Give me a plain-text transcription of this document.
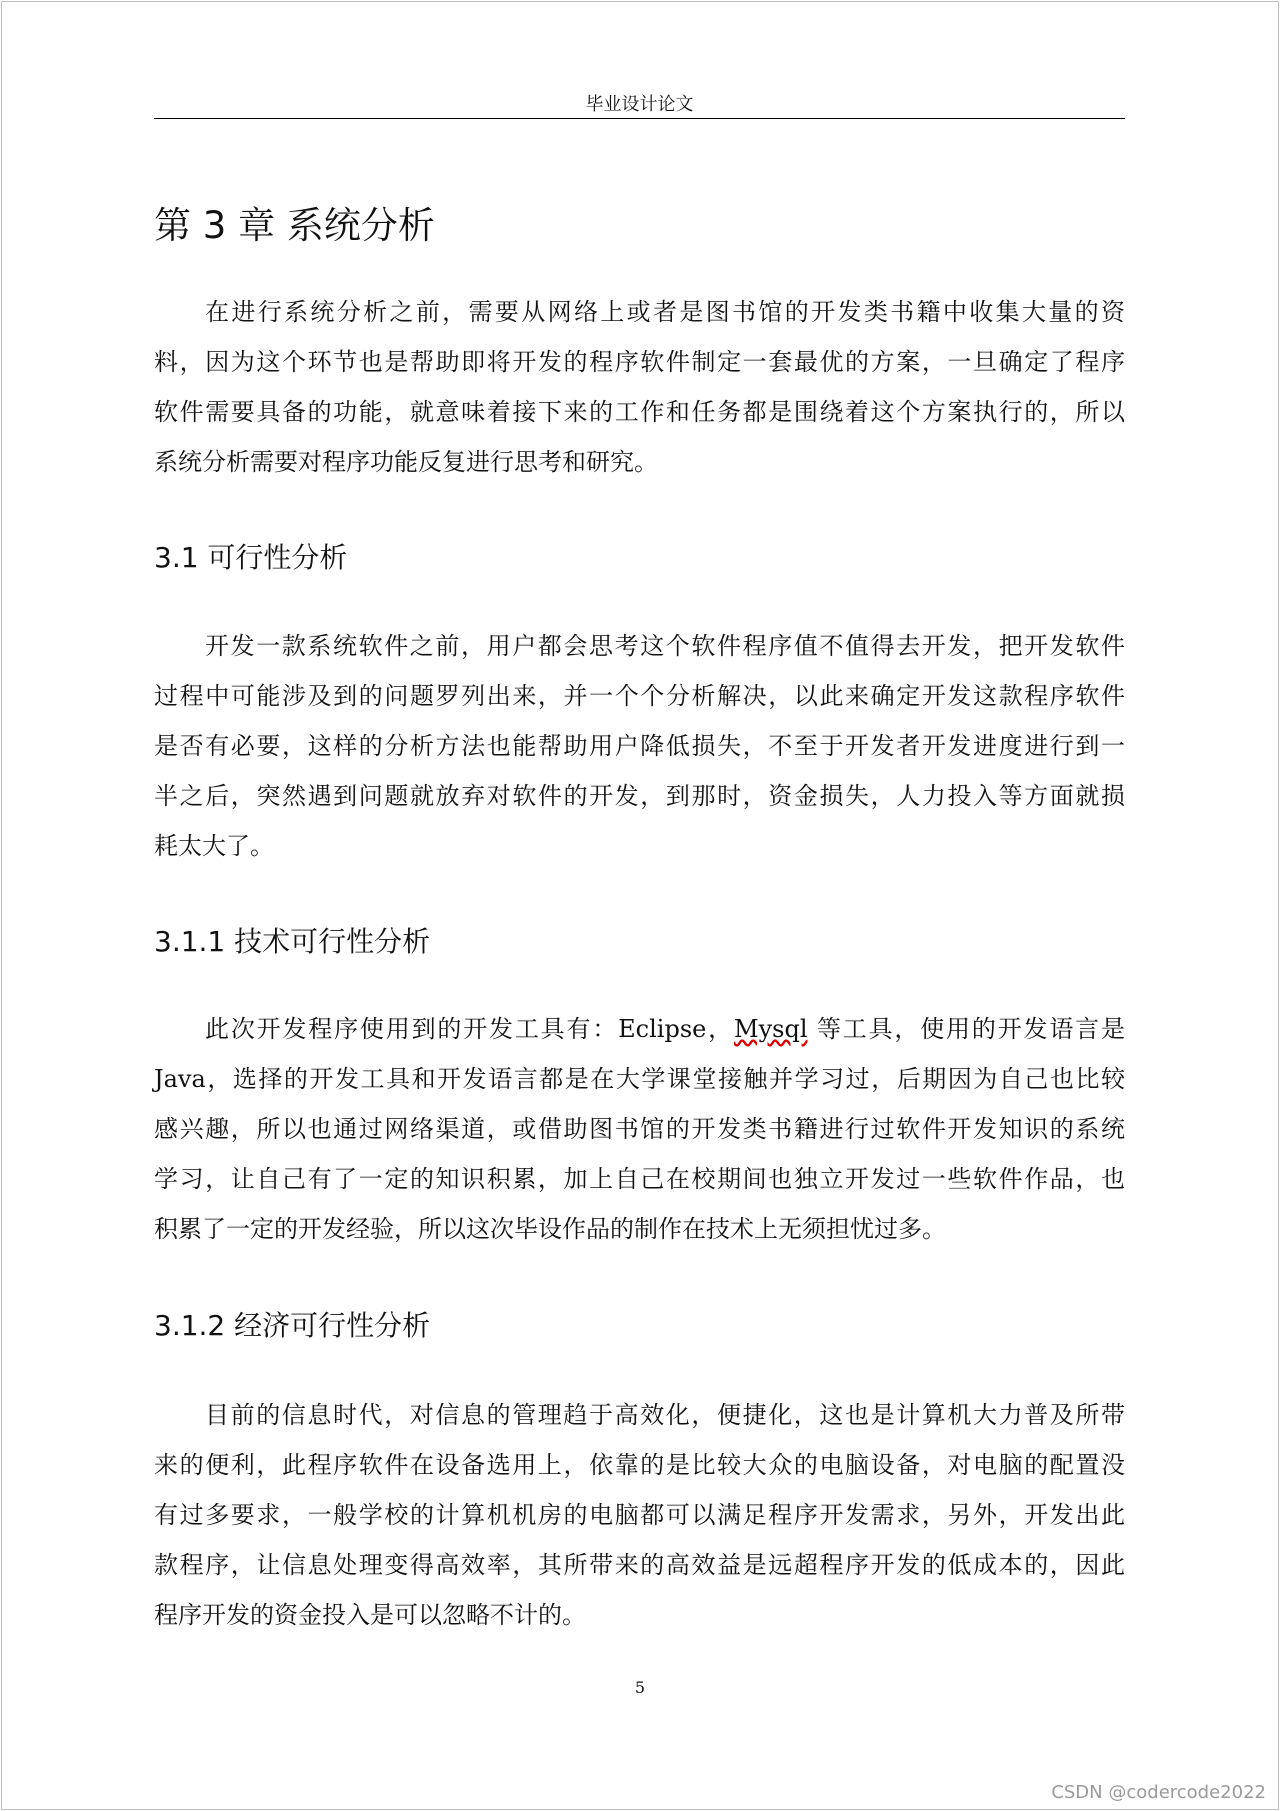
毕业设计论文
第 3 章 系统分析
在进行系统分析之前，需要从网络上或者是图书馆的开发类书籍中收集大量的资
料，因为这个环节也是帮助即将开发的程序软件制定一套最优的方案，一旦确定了程序
软件需要具备的功能，就意味着接下来的工作和任务都是围绕着这个方案执行的，所以
系统分析需要对程序功能反复进行思考和研究。
3.1 可行性分析
开发一款系统软件之前，用户都会思考这个软件程序值不值得去开发，把开发软件
过程中可能涉及到的问题罗列出来，并一个个分析解决，以此来确定开发这款程序软件
是否有必要，这样的分析方法也能帮助用户降低损失，不至于开发者开发进度进行到一
半之后，突然遇到问题就放弃对软件的开发，到那时，资金损失，人力投入等方面就损
耗太大了。
3.1.1 技术可行性分析
此次开发程序使用到的开发工具有：Eclipse，Mysql 等工具，使用的开发语言是
Java，选择的开发工具和开发语言都是在大学课堂接触并学习过，后期因为自己也比较
感兴趣，所以也通过网络渠道，或借助图书馆的开发类书籍进行过软件开发知识的系统
学习，让自己有了一定的知识积累，加上自己在校期间也独立开发过一些软件作品，也
积累了一定的开发经验，所以这次毕设作品的制作在技术上无须担忧过多。
3.1.2 经济可行性分析
目前的信息时代，对信息的管理趋于高效化，便捷化，这也是计算机大力普及所带
来的便利，此程序软件在设备选用上，依靠的是比较大众的电脑设备，对电脑的配置没
有过多要求，一般学校的计算机机房的电脑都可以满足程序开发需求，另外，开发出此
款程序，让信息处理变得高效率，其所带来的高效益是远超程序开发的低成本的，因此
程序开发的资金投入是可以忽略不计的。
5
CSDN @codercode2022
